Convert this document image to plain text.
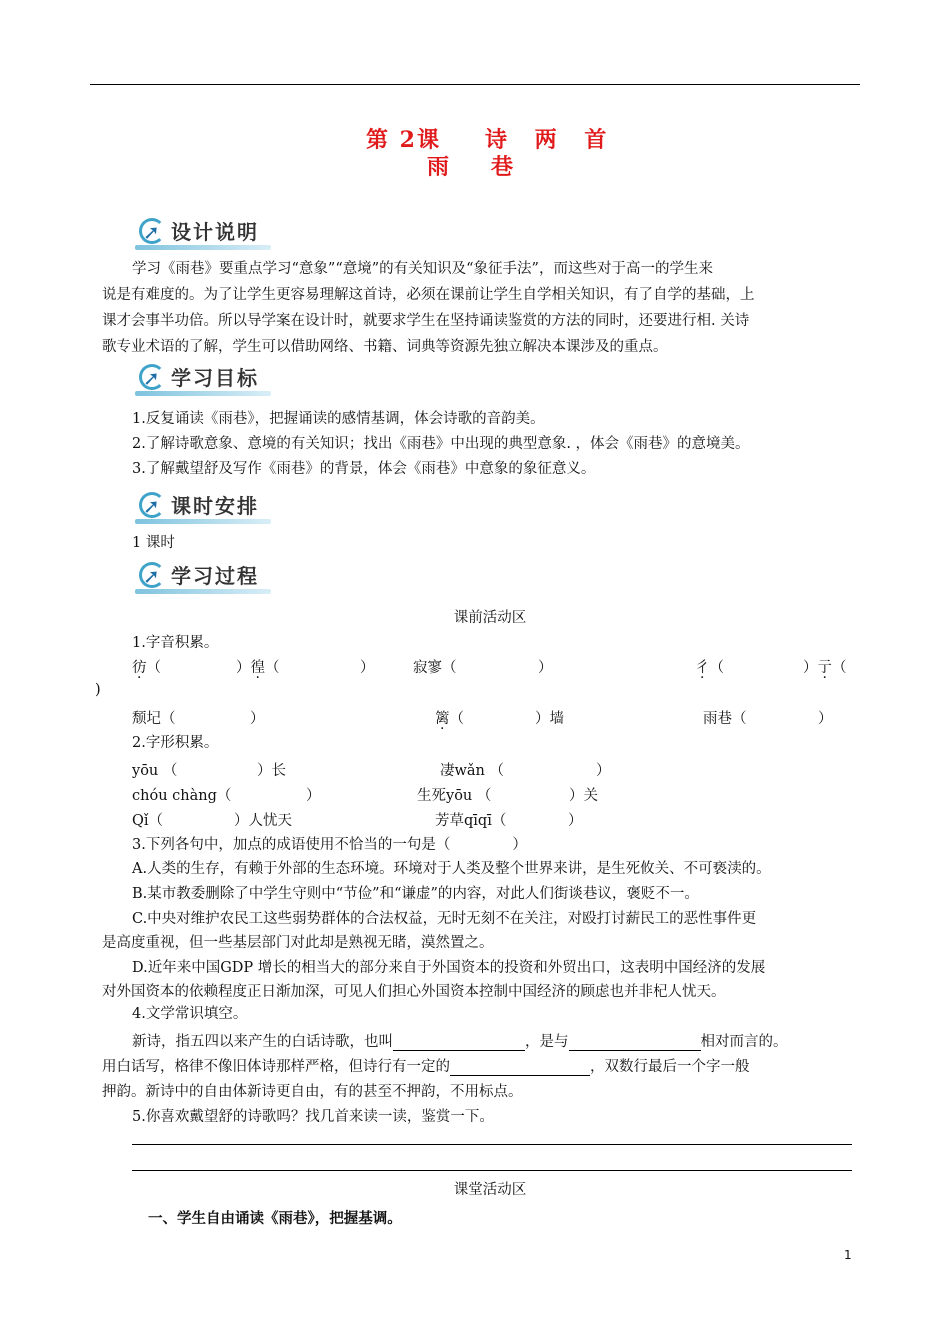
第 2课 诗 两 首
雨 巷
➚ 设计说明
学习《雨巷》要重点学习“意象”“意境”的有关知识及“象征手法”，而这些对于高一的学生来
说是有难度的。为了让学生更容易理解这首诗，必须在课前让学生自学相关知识，有了自学的基础，上
课才会事半功倍。所以导学案在设计时，就要求学生在坚持诵读鉴赏的方法的同时，还要进行相. 关诗
歌专业术语的了解，学生可以借助网络、书籍、词典等资源先独立解决本课涉及的重点。
➚ 学习目标
1.反复诵读《雨巷》，把握诵读的感情基调，体会诗歌的音韵美。
2.了解诗歌意象、意境的有关知识；找出《雨巷》中出现的典型意象. ，体会《雨巷》的意境美。
3.了解戴望舒及写作《雨巷》的背景，体会《雨巷》中意象的象征意义。
➚ 课时安排
1 课时
➚ 学习过程
课前活动区
1.字音积累。
彷（	）徨（	）	寂寥（	）	彳（	）亍（
)
颓圮（	）	篱（	）墙	雨巷（	）
2.字形积累。
yōu （	）长	凄wǎn （	）
chóu chàng（	）	生死yōu （	）关
Qǐ（	）人忧天	芳草qīqī（	）
3.下列各句中，加点的成语使用不恰当的一句是（	）
A.人类的生存，有赖于外部的生态环境。环境对于人类及整个世界来讲，是生死攸关、不可亵渎的。
B.某市教委删除了中学生守则中“节俭”和“谦虚”的内容，对此人们街谈巷议，褒贬不一。
C.中央对维护农民工这些弱势群体的合法权益，无时无刻不在关注，对殴打讨薪民工的恶性事件更
是高度重视，但一些基层部门对此却是熟视无睹，漠然置之。
D.近年来中国GDP 增长的相当大的部分来自于外国资本的投资和外贸出口，这表明中国经济的发展
对外国资本的依赖程度正日渐加深，可见人们担心外国资本控制中国经济的顾虑也并非杞人忧天。
4.文学常识填空。
新诗，指五四以来产生的白话诗歌，也叫	，是与	相对而言的。
用白话写，格律不像旧体诗那样严格，但诗行有一定的	，双数行最后一个字一般
押韵。新诗中的自由体新诗更自由，有的甚至不押韵，不用标点。
5.你喜欢戴望舒的诗歌吗？找几首来读一读，鉴赏一下。
课堂活动区
一、学生自由诵读《雨巷》，把握基调。
1
